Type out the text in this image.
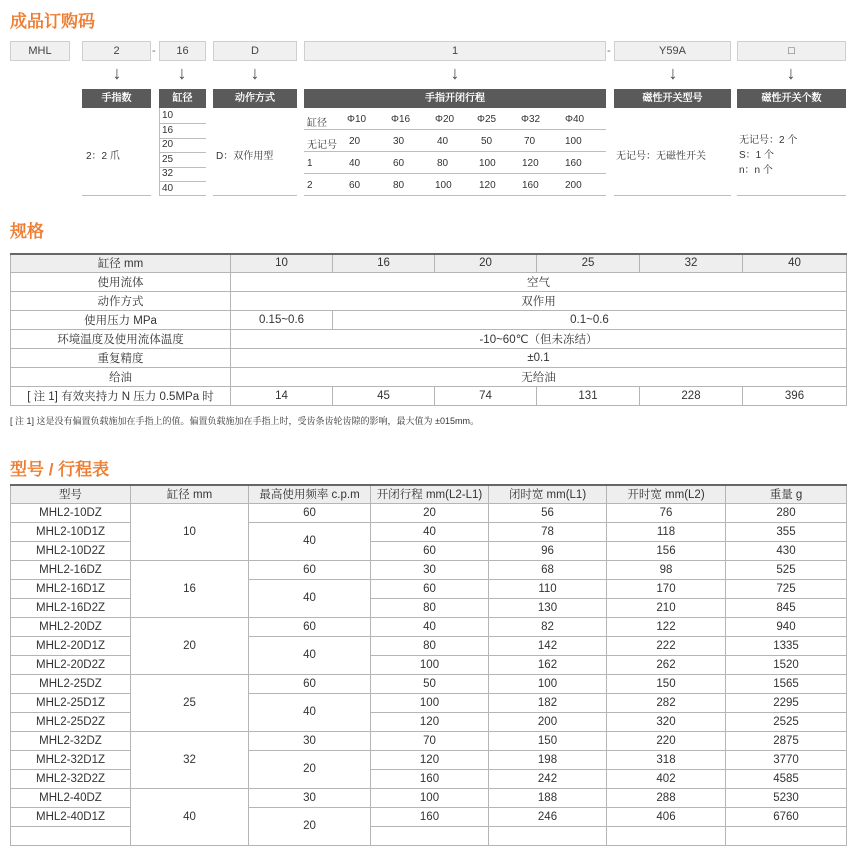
成品订购码
MHL	2	-	16	D	1	-	Y59A	□
↓	↓	↓	↓	↓	↓
手指数	缸径	动作方式	手指开闭行程	磁性开关型号	磁性开关个数
2：2 爪
10
16
20
25
32
40
D：双作用型
缸径 Φ10 Φ16 Φ20 Φ25 Φ32 Φ40
无记号 20	30	40	50	70	100
1	40	60	80	100	120	160
2	60	80	100	120	160	200
无记号：无磁性开关
无记号：2 个
S：1 个
n：n 个
规格
缸径 mm	10	16	20	25	32	40
使用流体	空气					
动作方式	双作用					
使用压力 MPa	0.15~0.6	0.1~0.6				
环境温度及使用流体温度	-10~60℃（但未冻结）					
重复精度	±0.1					
给油	无给油					
[ 注 1] 有效夹持力 N 压力 0.5MPa 时	14	45	74	131	228	396
[ 注 1] 这是没有偏置负载施加在手指上的值。偏置负载施加在手指上时，受齿条齿轮齿隙的影响，最大值为 ±015mm。
型号 / 行程表
型号	缸径 mm	最高使用频率 c.p.m	开闭行程 mm(L2-L1)	闭时宽 mm(L1)	开时宽 mm(L2)	重量 g
MHL2-10DZ	10	60	20	56	76	280
MHL2-10D1Z		40	40	78	118	355
MHL2-10D2Z			60	96	156	430
MHL2-16DZ	16	60	30	68	98	525
MHL2-16D1Z		40	60	110	170	725
MHL2-16D2Z			80	130	210	845
MHL2-20DZ	20	60	40	82	122	940
MHL2-20D1Z		40	80	142	222	1335
MHL2-20D2Z			100	162	262	1520
MHL2-25DZ	25	60	50	100	150	1565
MHL2-25D1Z		40	100	182	282	2295
MHL2-25D2Z			120	200	320	2525
MHL2-32DZ	32	30	70	150	220	2875
MHL2-32D1Z		20	120	198	318	3770
MHL2-32D2Z			160	242	402	4585
MHL2-40DZ	40	30	100	188	288	5230
MHL2-40D1Z		20	160	246	406	6760
